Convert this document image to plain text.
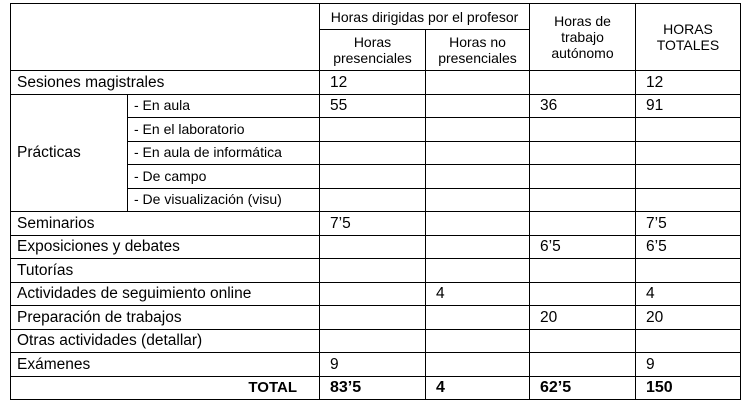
		Horas dirigidas por el profesor		Horas de trabajo autónomo	HORAS TOTALES
		Horas presenciales	Horas no presenciales		
Sesiones magistrales		12			12
Prácticas	- En aula	55		36	91
	- En el laboratorio				
	- En aula de informática				
	- De campo				
	- De visualización (visu)				
Seminarios		7’5			7’5
Exposiciones y debates				6’5	6’5
Tutorías					
Actividades de seguimiento online			4		4
Preparación de trabajos				20	20
Otras actividades (detallar)					
Exámenes		9			9
TOTAL		83’5	4	62’5	150
